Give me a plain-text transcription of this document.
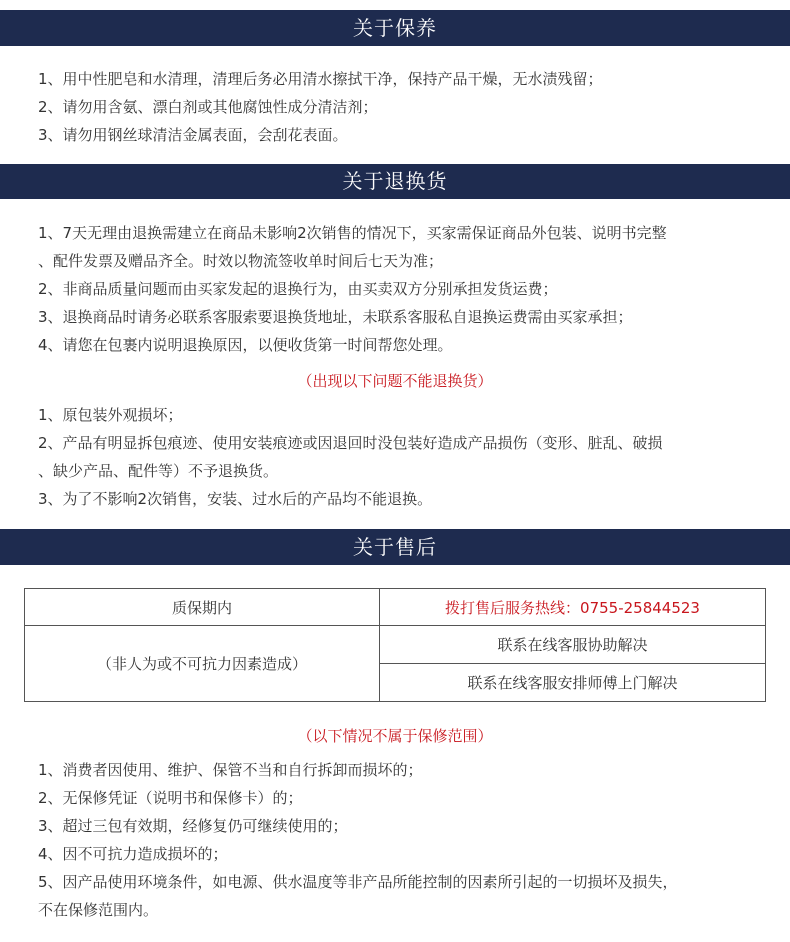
关于保养
1、用中性肥皂和水清理，清理后务必用清水擦拭干净，保持产品干燥，无水渍残留；
2、请勿用含氨、漂白剂或其他腐蚀性成分清洁剂；
3、请勿用钢丝球清洁金属表面，会刮花表面。
关于退换货
1、7天无理由退换需建立在商品未影响2次销售的情况下，买家需保证商品外包装、说明书完整
、配件发票及赠品齐全。时效以物流签收单时间后七天为准；
2、非商品质量问题而由买家发起的退换行为，由买卖双方分别承担发货运费；
3、退换商品时请务必联系客服索要退换货地址，未联系客服私自退换运费需由买家承担；
4、请您在包裹内说明退换原因，以便收货第一时间帮您处理。
（出现以下问题不能退换货）
1、原包装外观损坏；
2、产品有明显拆包痕迹、使用安装痕迹或因退回时没包装好造成产品损伤（变形、脏乱、破损
、缺少产品、配件等）不予退换货。
3、为了不影响2次销售，安装、过水后的产品均不能退换。
关于售后
质保期内	拨打售后服务热线：0755-25844523
（非人为或不可抗力因素造成）	联系在线客服协助解决
	联系在线客服安排师傅上门解决
（以下情况不属于保修范围）
1、消费者因使用、维护、保管不当和自行拆卸而损坏的；
2、无保修凭证（说明书和保修卡）的；
3、超过三包有效期，经修复仍可继续使用的；
4、因不可抗力造成损坏的；
5、因产品使用环境条件，如电源、供水温度等非产品所能控制的因素所引起的一切损坏及损失，
不在保修范围内。
